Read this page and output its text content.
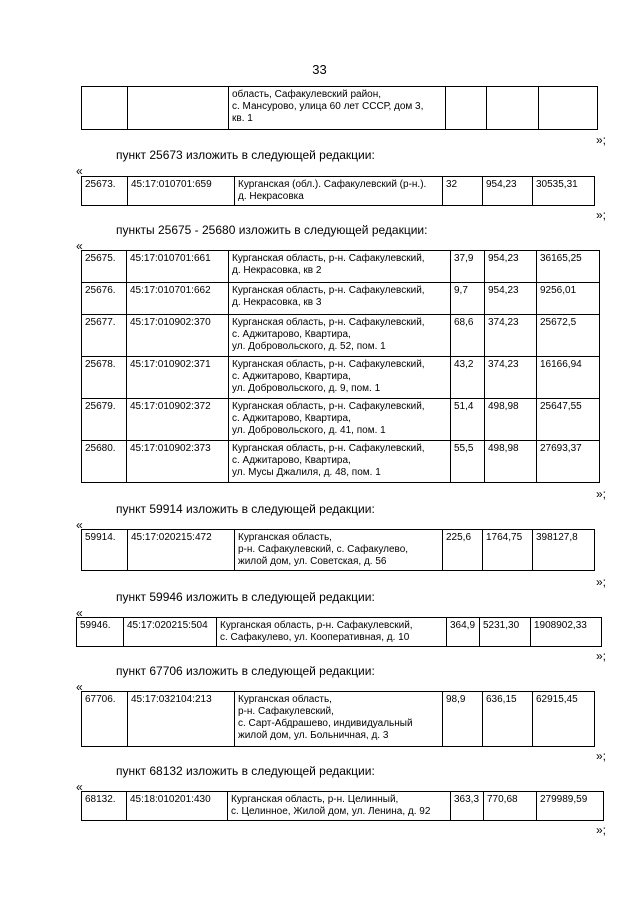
33
		область, Сафакулевский район,
с. Мансурово, улица 60 лет СССР, дом 3,
кв. 1			
»;
пункт 25673 изложить в следующей редакции:
«
25673.	45:17:010701:659	Курганская (обл.). Сафакулевский (р-н.).
д. Некрасовка	32	954,23	30535,31
»;
пункты 25675 - 25680 изложить в следующей редакции:
«
25675.	45:17:010701:661	Курганская область, р-н. Сафакулевский,
д. Некрасовка, кв 2	37,9	954,23	36165,25
25676.	45:17:010701:662	Курганская область, р-н. Сафакулевский,
д. Некрасовка, кв 3	9,7	954,23	9256,01
25677.	45:17:010902:370	Курганская область, р-н. Сафакулевский,
с. Аджитарово, Квартира,
ул. Добровольского, д. 52, пом. 1	68,6	374,23	25672,5
25678.	45:17:010902:371	Курганская область, р-н. Сафакулевский,
с. Аджитарово, Квартира,
ул. Добровольского, д. 9, пом. 1	43,2	374,23	16166,94
25679.	45:17:010902:372	Курганская область, р-н. Сафакулевский,
с. Аджитарово, Квартира,
ул. Добровольского, д. 41, пом. 1	51,4	498,98	25647,55
25680.	45:17:010902:373	Курганская область, р-н. Сафакулевский,
с. Аджитарово, Квартира,
ул. Мусы Джалиля, д. 48, пом. 1	55,5	498,98	27693,37
»;
пункт 59914 изложить в следующей редакции:
«
59914.	45:17:020215:472	Курганская область,
р-н. Сафакулевский, с. Сафакулево,
жилой дом, ул. Советская, д. 56	225,6	1764,75	398127,8
»;
пункт 59946 изложить в следующей редакции:
«
59946.	45:17:020215:504	Курганская область, р-н. Сафакулевский,
с. Сафакулево, ул. Кооперативная, д. 10	364,9	5231,30	1908902,33
»;
пункт 67706 изложить в следующей редакции:
«
67706.	45:17:032104:213	Курганская область,
р-н. Сафакулевский,
с. Сарт-Абдрашево, индивидуальный
жилой дом, ул. Больничная, д. 3	98,9	636,15	62915,45
»;
пункт 68132 изложить в следующей редакции:
«
68132.	45:18:010201:430	Курганская область, р-н. Целинный,
с. Целинное, Жилой дом, ул. Ленина, д. 92	363,3	770,68	279989,59
»;
